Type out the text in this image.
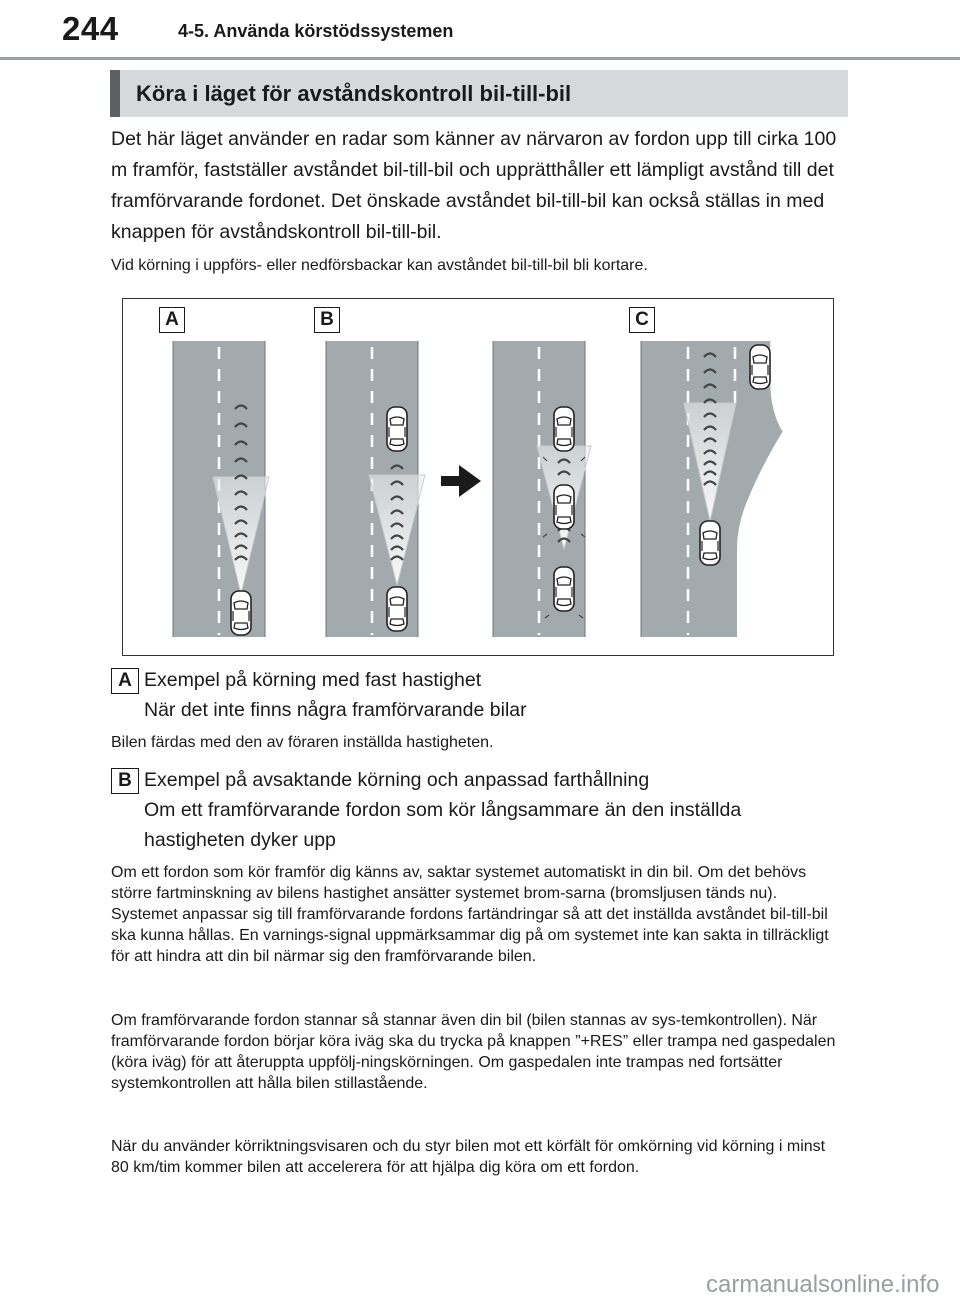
244	4-5. Använda körstödssystemen
Köra i läget för avståndskontroll bil-till-bil
Det här läget använder en radar som känner av närvaron av fordon upp till cirka 100 m framför, fastställer avståndet bil-till-bil och upprätthåller ett lämpligt avstånd till det framförvarande fordonet. Det önskade avståndet bil-till-bil kan också ställas in med knappen för avståndskontroll bil-till-bil.
Vid körning i uppförs- eller nedförsbackar kan avståndet bil-till-bil bli kortare.
A	B	C
A Exempel på körning med fast hastighet
När det inte finns några framförvarande bilar
Bilen färdas med den av föraren inställda hastigheten.
B Exempel på avsaktande körning och anpassad farthållning
Om ett framförvarande fordon som kör långsammare än den inställda
hastigheten dyker upp
Om ett fordon som kör framför dig känns av, saktar systemet automatiskt in din bil. Om det behövs större fartminskning av bilens hastighet ansätter systemet brom-sarna (bromsljusen tänds nu). Systemet anpassar sig till framförvarande fordons fartändringar så att det inställda avståndet bil-till-bil ska kunna hållas. En varnings-signal uppmärksammar dig på om systemet inte kan sakta in tillräckligt för att hindra att din bil närmar sig den framförvarande bilen.
Om framförvarande fordon stannar så stannar även din bil (bilen stannas av sys-temkontrollen). När framförvarande fordon börjar köra iväg ska du trycka på knappen ”+RES” eller trampa ned gaspedalen (köra iväg) för att återuppta uppfölj-ningskörningen. Om gaspedalen inte trampas ned fortsätter systemkontrollen att hålla bilen stillastående.
När du använder körriktningsvisaren och du styr bilen mot ett körfält för omkörning vid körning i minst 80 km/tim kommer bilen att accelerera för att hjälpa dig köra om ett fordon.
carmanualsonline.info
